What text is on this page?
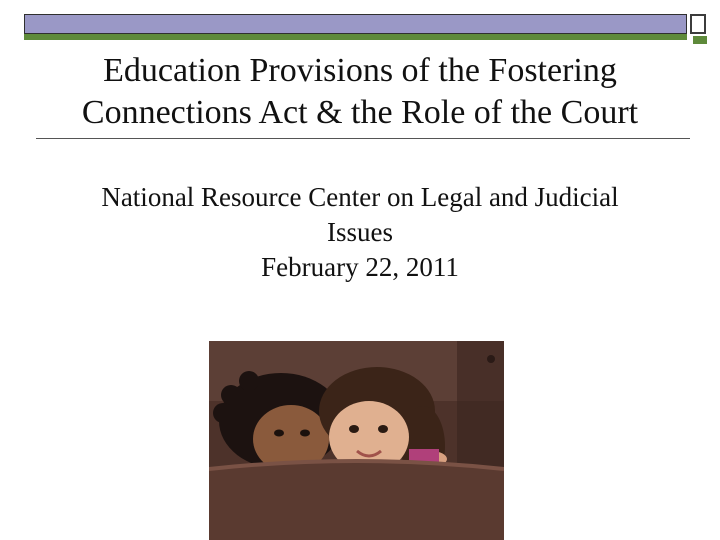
Education Provisions of the Fostering
Connections Act & the Role of the Court
National Resource Center on Legal and Judicial
Issues
February 22, 2011
